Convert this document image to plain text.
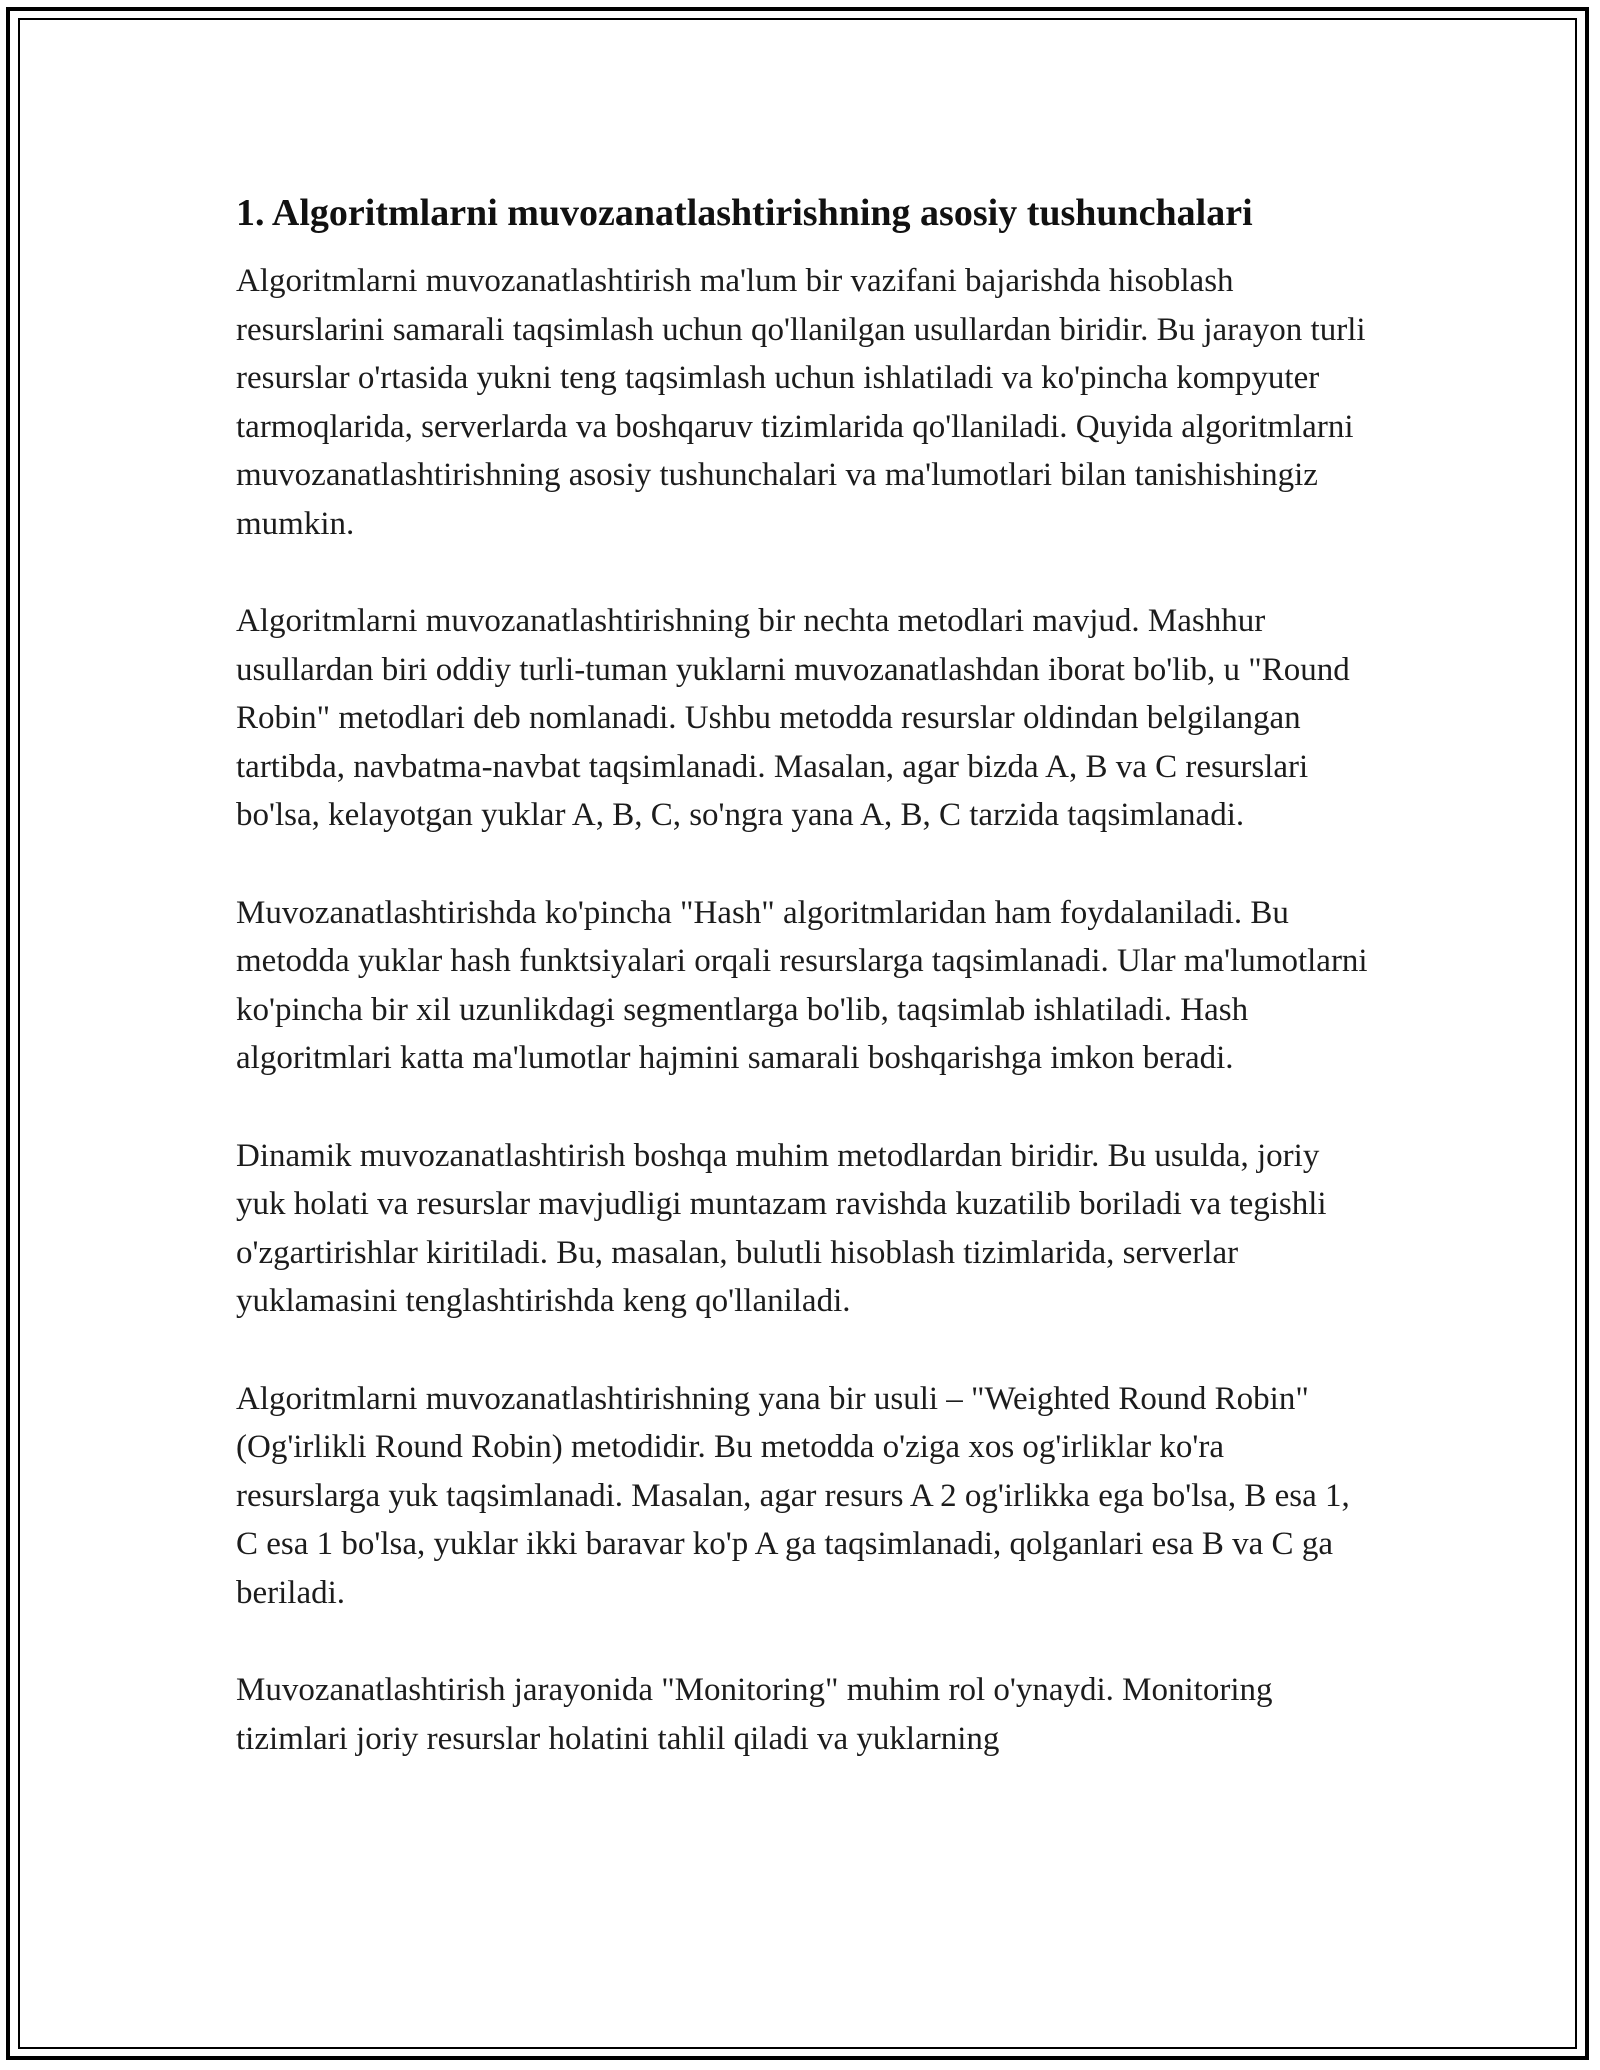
1. Algoritmlarni muvozanatlashtirishning asosiy tushunchalari

Algoritmlarni muvozanatlashtirish ma'lum bir vazifani bajarishda hisoblash resurslarini samarali taqsimlash uchun qo'llanilgan usullardan biridir. Bu jarayon turli resurslar o'rtasida yukni teng taqsimlash uchun ishlatiladi va ko'pincha kompyuter tarmoqlarida, serverlarda va boshqaruv tizimlarida qo'llaniladi. Quyida algoritmlarni muvozanatlashtirishning asosiy tushunchalari va ma'lumotlari bilan tanishishingiz mumkin.

Algoritmlarni muvozanatlashtirishning bir nechta metodlari mavjud. Mashhur usullardan biri oddiy turli-tuman yuklarni muvozanatlashdan iborat bo'lib, u "Round Robin" metodlari deb nomlanadi. Ushbu metodda resurslar oldindan belgilangan tartibda, navbatma-navbat taqsimlanadi. Masalan, agar bizda A, B va C resurslari bo'lsa, kelayotgan yuklar A, B, C, so'ngra yana A, B, C tarzida taqsimlanadi.

Muvozanatlashtirishda ko'pincha "Hash" algoritmlaridan ham foydalaniladi. Bu metodda yuklar hash funktsiyalari orqali resurslarga taqsimlanadi. Ular ma'lumotlarni ko'pincha bir xil uzunlikdagi segmentlarga bo'lib, taqsimlab ishlatiladi. Hash algoritmlari katta ma'lumotlar hajmini samarali boshqarishga imkon beradi.

Dinamik muvozanatlashtirish boshqa muhim metodlardan biridir. Bu usulda, joriy yuk holati va resurslar mavjudligi muntazam ravishda kuzatilib boriladi va tegishli o'zgartirishlar kiritiladi. Bu, masalan, bulutli hisoblash tizimlarida, serverlar yuklamasini tenglashtirishda keng qo'llaniladi.

Algoritmlarni muvozanatlashtirishning yana bir usuli – "Weighted Round Robin" (Og'irlikli Round Robin) metodidir. Bu metodda o'ziga xos og'irliklar ko'ra resurslarga yuk taqsimlanadi. Masalan, agar resurs A 2 og'irlikka ega bo'lsa, B esa 1, C esa 1 bo'lsa, yuklar ikki baravar ko'p A ga taqsimlanadi, qolganlari esa B va C ga beriladi.

Muvozanatlashtirish jarayonida "Monitoring" muhim rol o'ynaydi. Monitoring tizimlari joriy resurslar holatini tahlil qiladi va yuklarning
